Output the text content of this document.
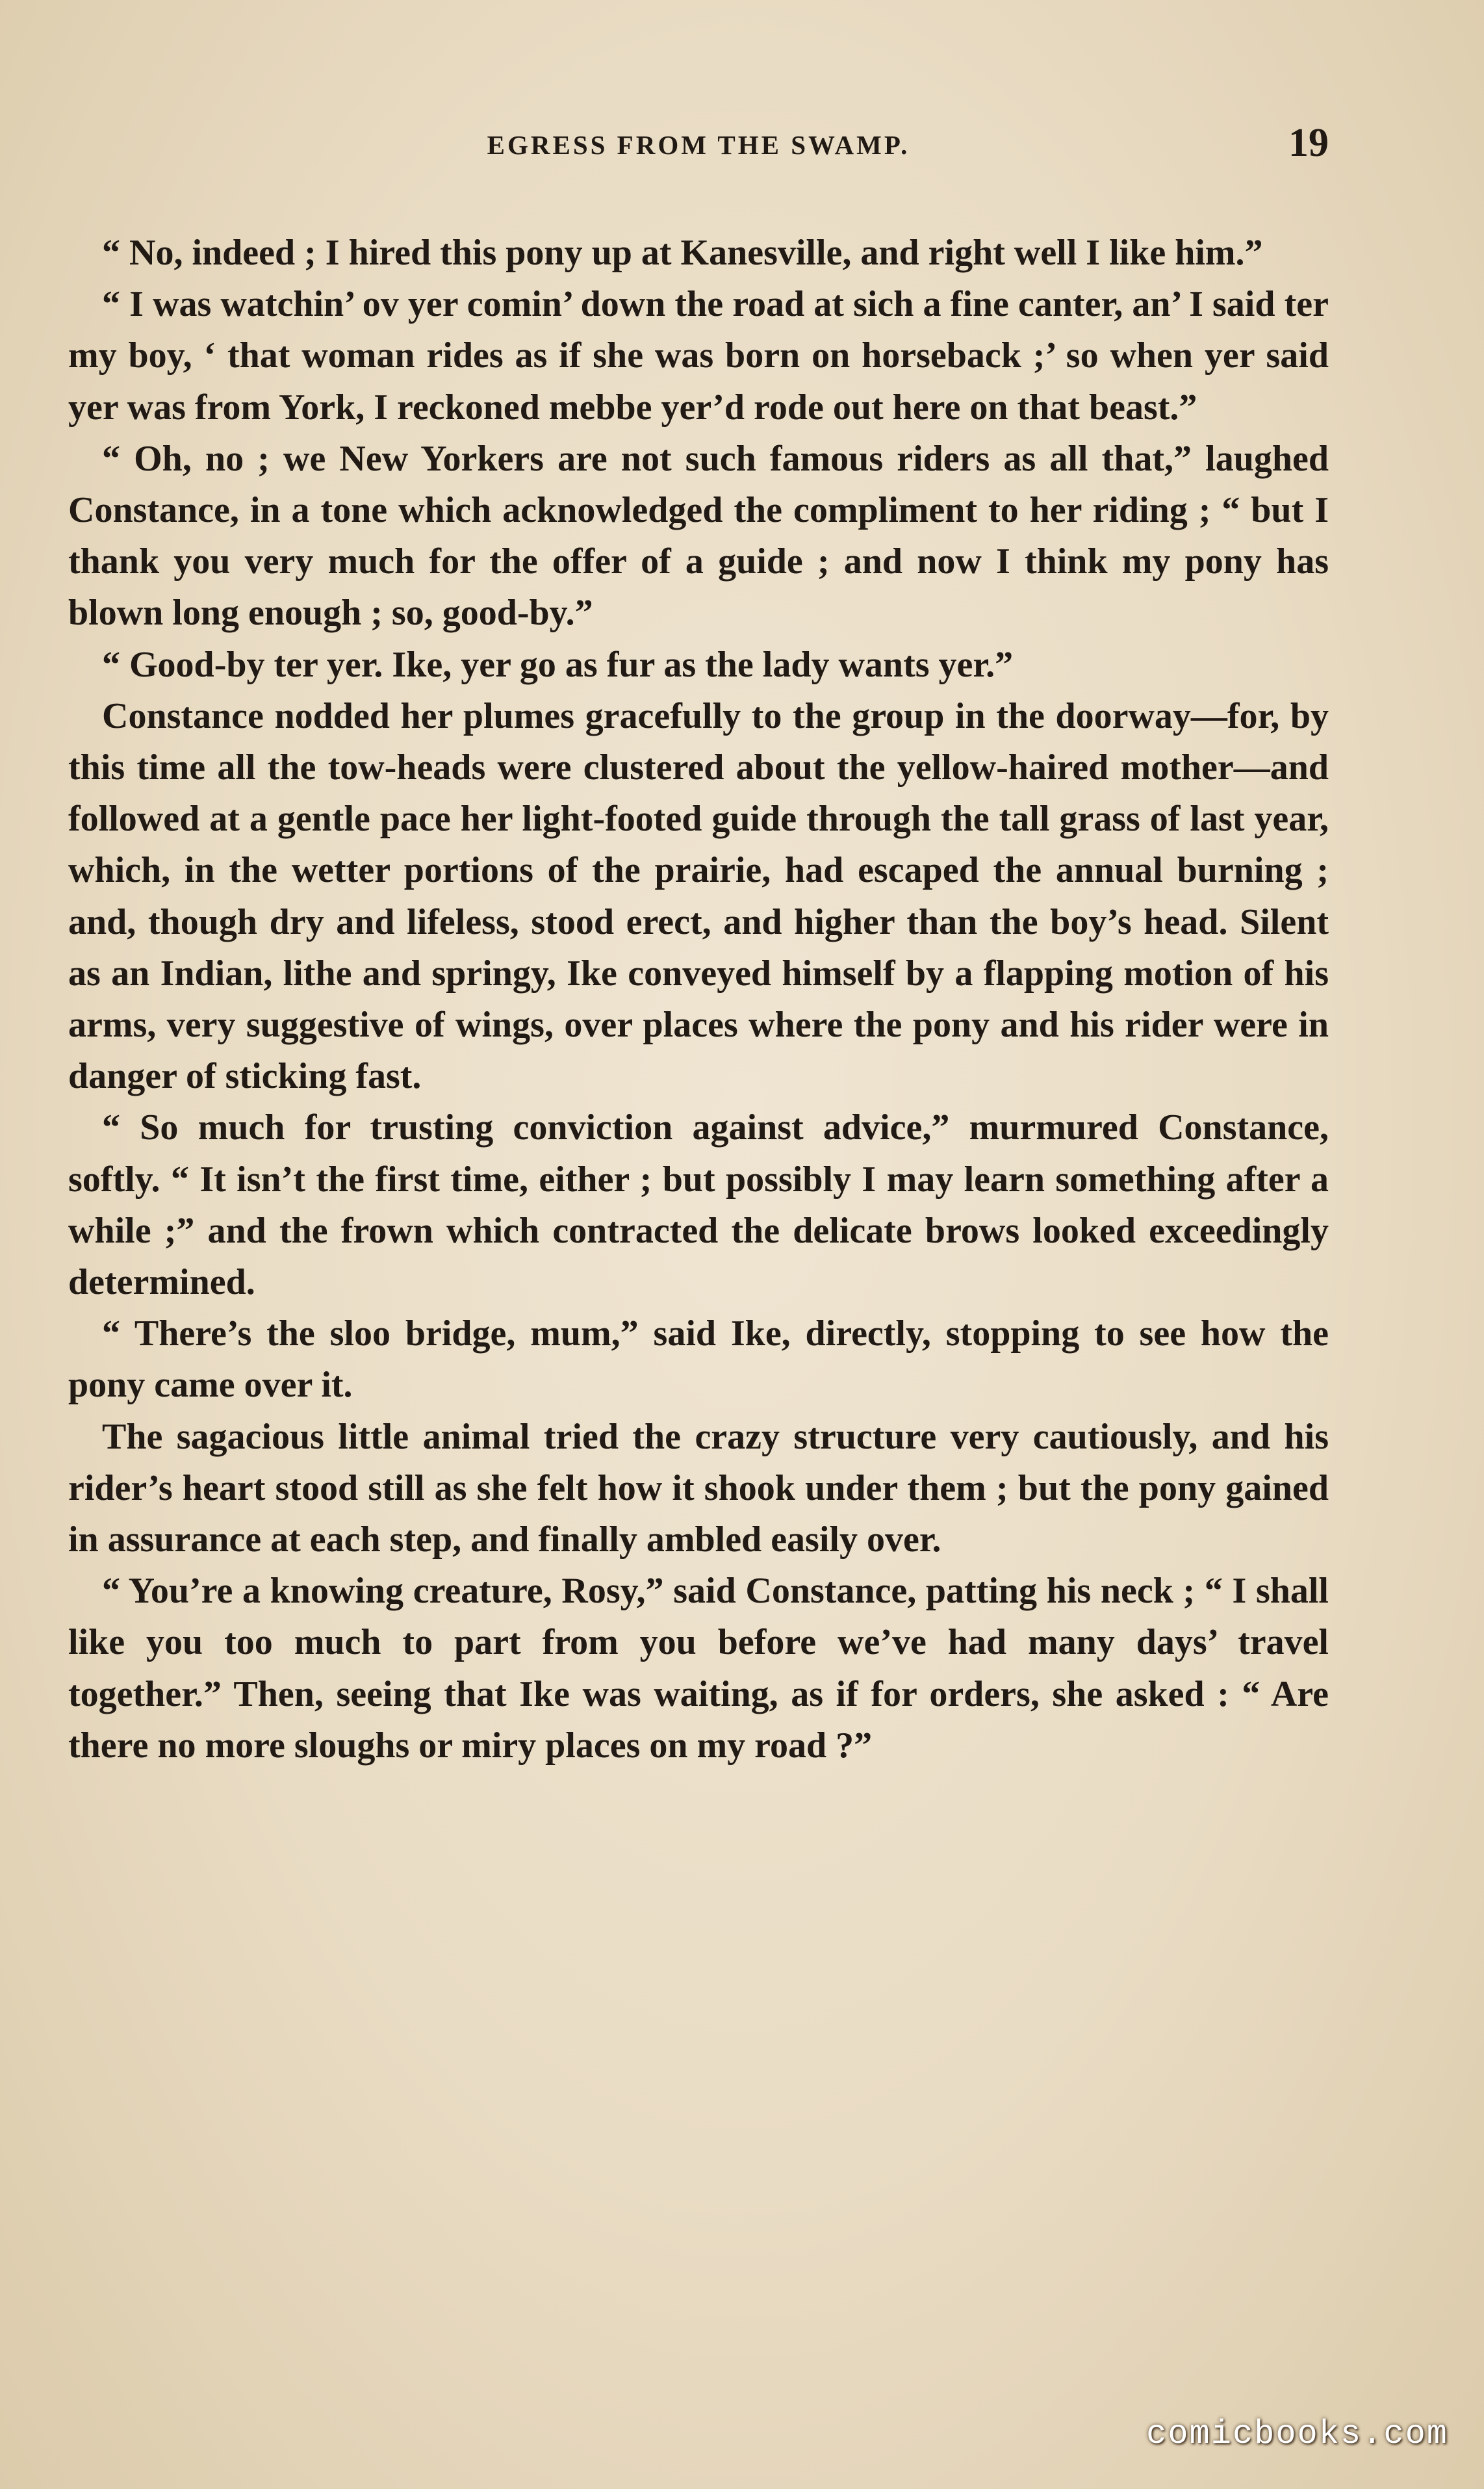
EGRESS FROM THE SWAMP.	19

“ No, indeed ; I hired this pony up at Kanesville, and right well I like him.”

“ I was watchin’ ov yer comin’ down the road at sich a fine canter, an’ I said ter my boy, ‘ that woman rides as if she was born on horseback ;’ so when yer said yer was from York, I reckoned mebbe yer’d rode out here on that beast.”

“ Oh, no ; we New Yorkers are not such famous riders as all that,” laughed Constance, in a tone which acknowledged the compliment to her riding ; “ but I thank you very much for the offer of a guide ; and now I think my pony has blown long enough ; so, good-by.”

“ Good-by ter yer. Ike, yer go as fur as the lady wants yer.”

Constance nodded her plumes gracefully to the group in the doorway—for, by this time all the tow-heads were clustered about the yellow-haired mother—and followed at a gentle pace her light-footed guide through the tall grass of last year, which, in the wetter portions of the prairie, had escaped the annual burning ; and, though dry and lifeless, stood erect, and higher than the boy’s head. Silent as an Indian, lithe and springy, Ike conveyed himself by a flapping motion of his arms, very suggestive of wings, over places where the pony and his rider were in danger of sticking fast.

“ So much for trusting conviction against advice,” murmured Constance, softly. “ It isn’t the first time, either ; but possibly I may learn something after a while ;” and the frown which contracted the delicate brows looked exceedingly determined.

“ There’s the sloo bridge, mum,” said Ike, directly, stopping to see how the pony came over it.

The sagacious little animal tried the crazy structure very cautiously, and his rider’s heart stood still as she felt how it shook under them ; but the pony gained in assurance at each step, and finally ambled easily over.

“ You’re a knowing creature, Rosy,” said Constance, patting his neck ; “ I shall like you too much to part from you before we’ve had many days’ travel together.” Then, seeing that Ike was waiting, as if for orders, she asked : “ Are there no more sloughs or miry places on my road ?”

comicbooks.com
